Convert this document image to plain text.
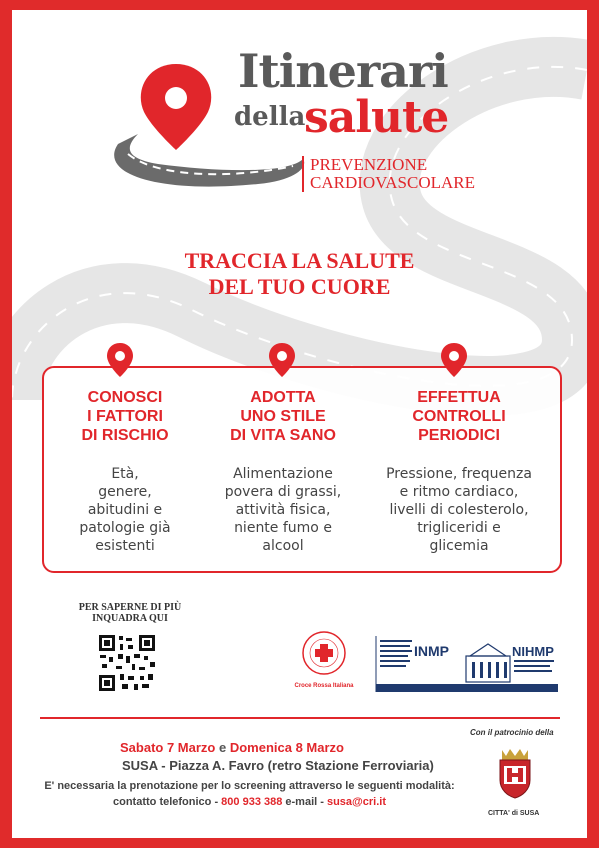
Itinerari
della
salute
PREVENZIONE
CARDIOVASCOLARE
TRACCIA LA SALUTE
DEL TUO CUORE
CONOSCI
I FATTORI
DI RISCHIO
Età,
genere,
abitudini e
patologie già
esistenti
ADOTTA
UNO STILE
DI VITA SANO
Alimentazione
povera di grassi,
attività fisica,
niente fumo e
alcool
EFFETTUA
CONTROLLI
PERIODICI
Pressione, frequenza
e ritmo cardiaco,
livelli di colesterolo,
trigliceridi e
glicemia
PER SAPERNE DI PIÙ
INQUADRA QUI
Croce Rossa Italiana
INMP	NIHMP
Sabato 7 Marzo e Domenica 8 Marzo
SUSA - Piazza A. Favro (retro Stazione Ferroviaria)
E' necessaria la prenotazione per lo screening attraverso le seguenti modalità:
contatto telefonico - 800 933 388 e-mail - susa@cri.it
Con il patrocinio della
CITTA' di SUSA
